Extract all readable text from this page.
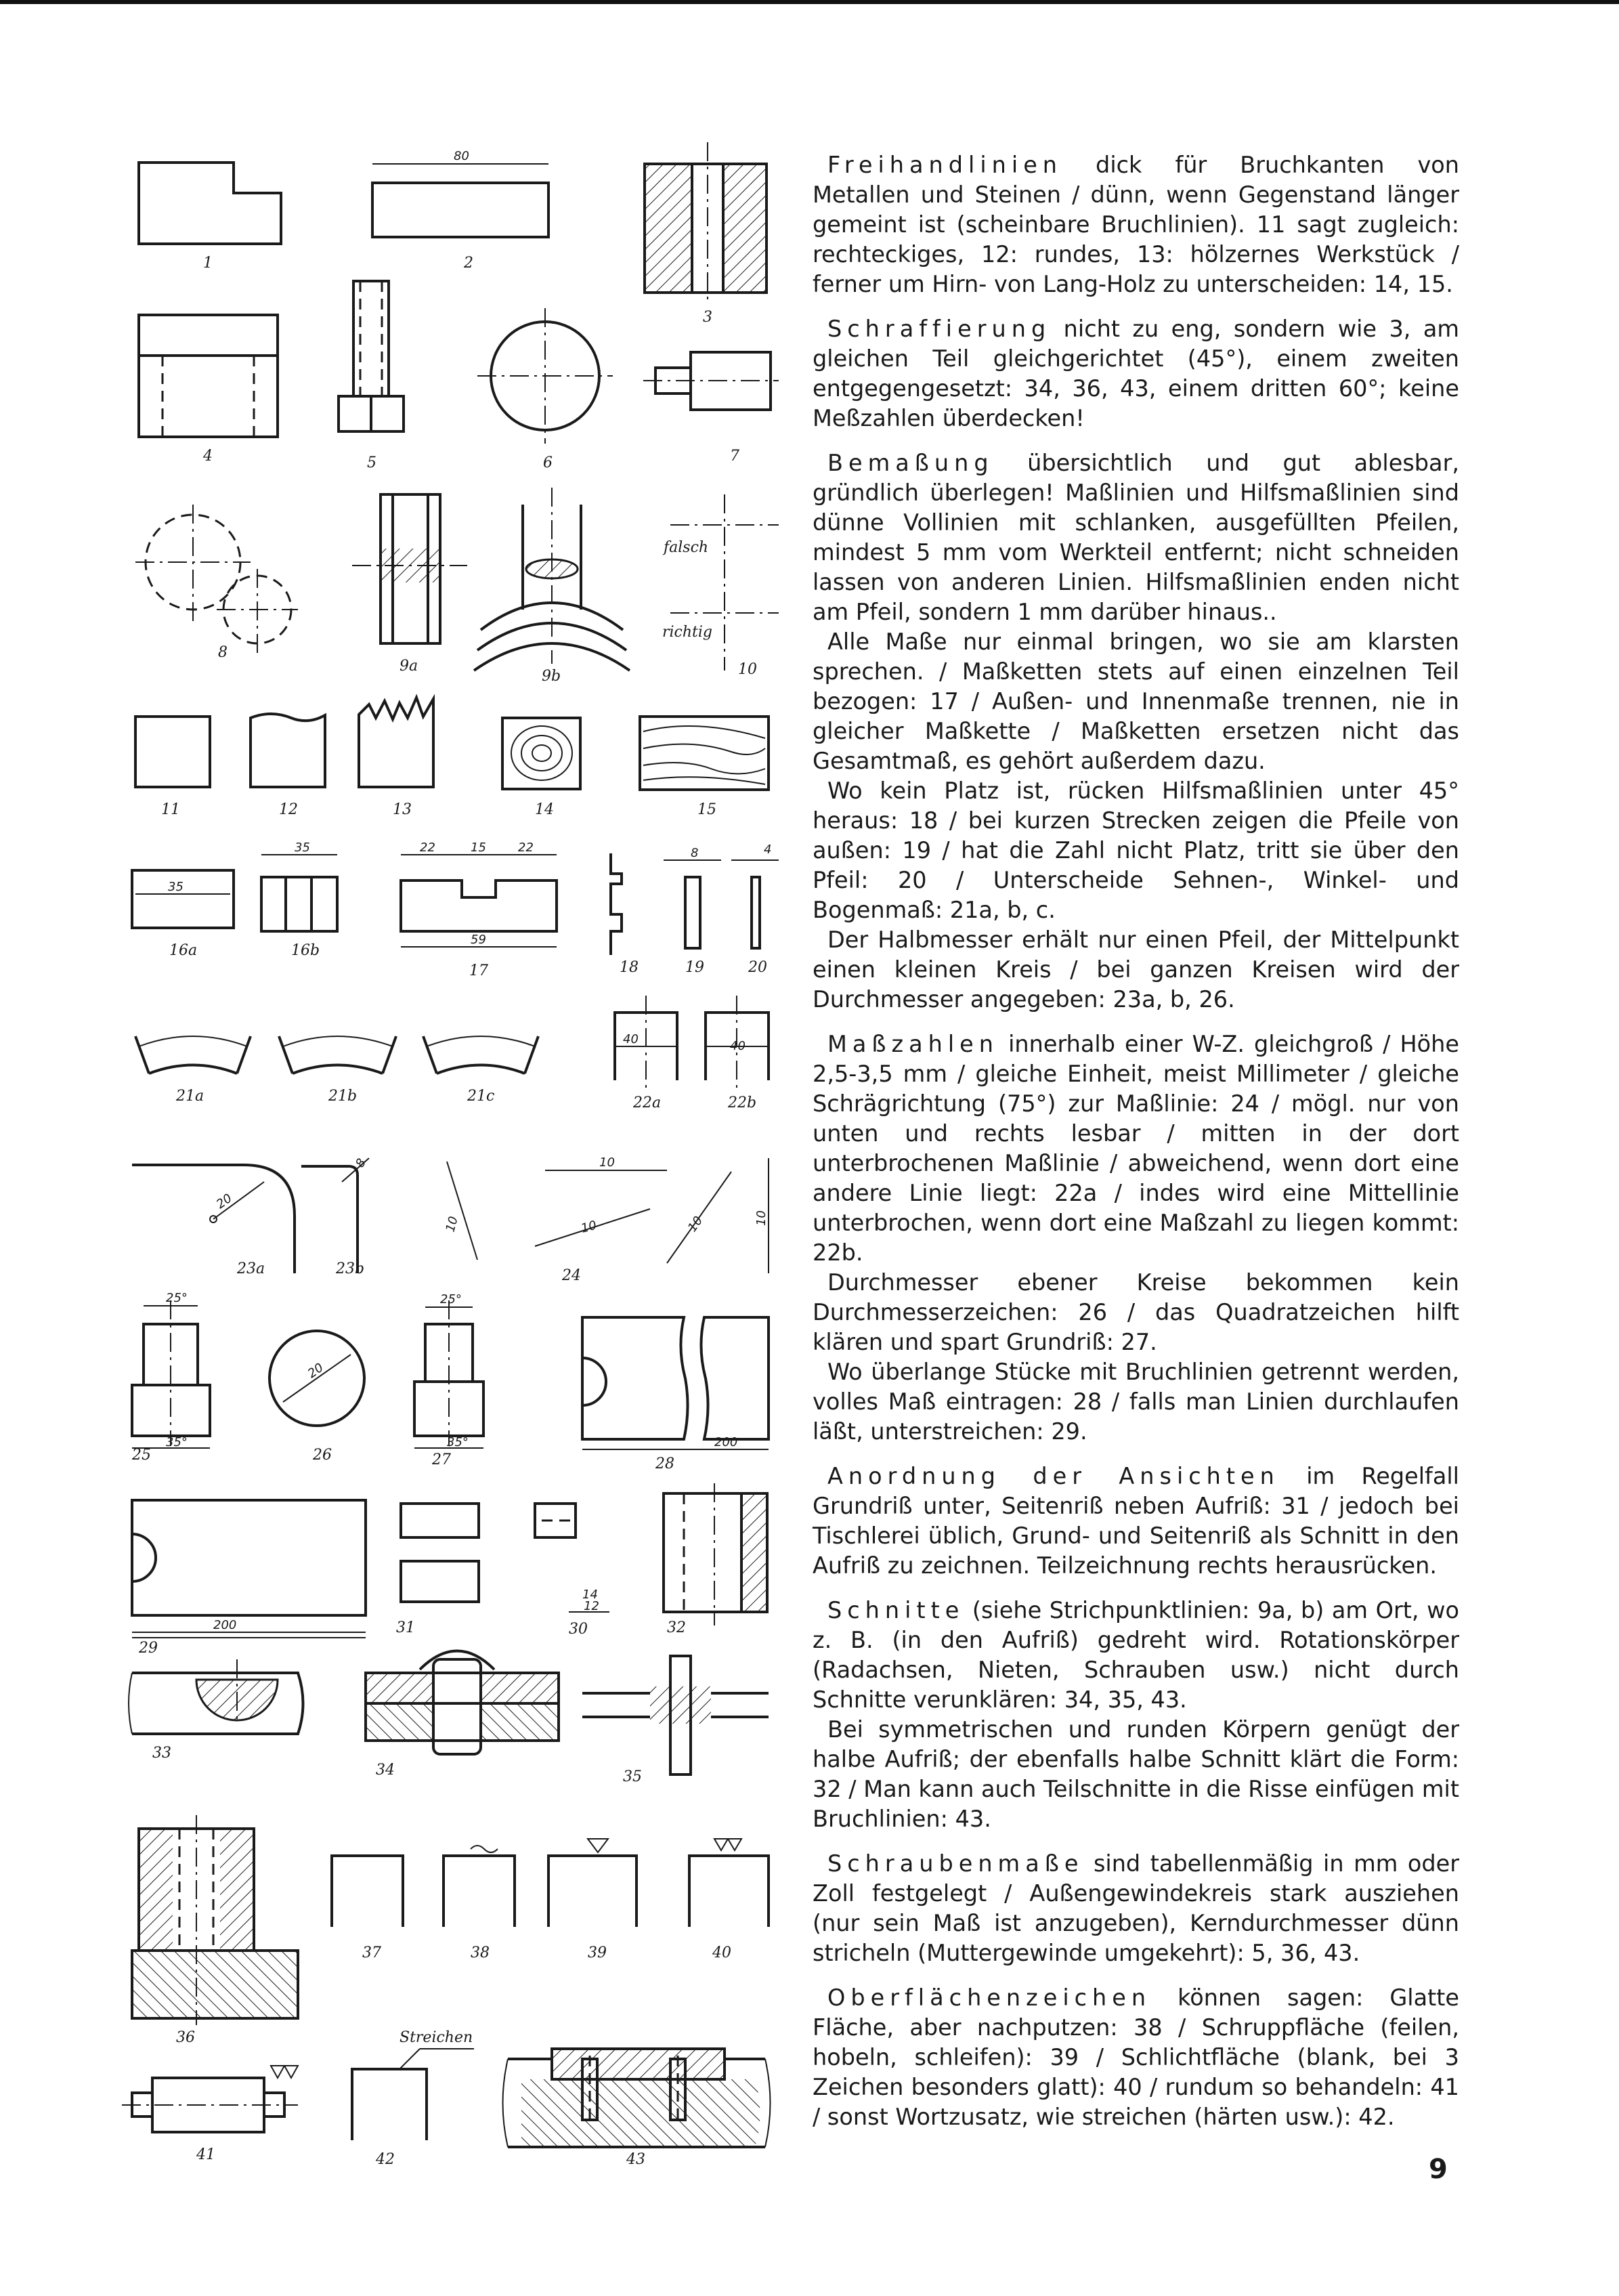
1
80
2
3
4	5	6	7
8
9a
9b
falsch
richtig
10
11	12	13	14	15
35
16a
35
16b
22	15	22
59
17	18
8
19
4
20
21a	21b	21c
40
22a
40
22b
20
23a
8
23b
10
10
10	10	10
24
25°
35°
25
20
26
25°
35°
27
200
28
200
29
31
14
12
30	32
33
34	35
36
37	38	39	40
41
Streichen
42	43

Freihandlinien dick für Bruchkanten von Metallen und Steinen / dünn, wenn Gegenstand länger gemeint ist (scheinbare Bruchlinien). 11 sagt zugleich: rechteckiges, 12: rundes, 13: hölzernes Werkstück / ferner um Hirn- von Lang-Holz zu unterscheiden: 14, 15.

Schraffierung nicht zu eng, sondern wie 3, am gleichen Teil gleichgerichtet (45°), einem zweiten entgegengesetzt: 34, 36, 43, einem dritten 60°; keine Meßzahlen überdecken!

Bemaßung übersichtlich und gut ablesbar, gründlich überlegen! Maßlinien und Hilfsmaßlinien sind dünne Vollinien mit schlanken, ausgefüllten Pfeilen, mindest 5 mm vom Werkteil entfernt; nicht schneiden lassen von anderen Linien. Hilfsmaßlinien enden nicht am Pfeil, sondern 1 mm darüber hinaus..

Alle Maße nur einmal bringen, wo sie am klarsten sprechen. / Maßketten stets auf einen einzelnen Teil bezogen: 17 / Außen- und Innenmaße trennen, nie in gleicher Maßkette / Maßketten ersetzen nicht das Gesamtmaß, es gehört außerdem dazu.

Wo kein Platz ist, rücken Hilfsmaßlinien unter 45° heraus: 18 / bei kurzen Strecken zeigen die Pfeile von außen: 19 / hat die Zahl nicht Platz, tritt sie über den Pfeil: 20 / Unterscheide Sehnen-, Winkel- und Bogenmaß: 21a, b, c.

Der Halbmesser erhält nur einen Pfeil, der Mittelpunkt einen kleinen Kreis / bei ganzen Kreisen wird der Durchmesser angegeben: 23a, b, 26.

Maßzahlen innerhalb einer W-Z. gleichgroß / Höhe 2,5-3,5 mm / gleiche Einheit, meist Millimeter / gleiche Schrägrichtung (75°) zur Maßlinie: 24 / mögl. nur von unten und rechts lesbar / mitten in der dort unterbrochenen Maßlinie / abweichend, wenn dort eine andere Linie liegt: 22a / indes wird eine Mittellinie unterbrochen, wenn dort eine Maßzahl zu liegen kommt: 22b.

Durchmesser ebener Kreise bekommen kein Durchmesserzeichen: 26 / das Quadratzeichen hilft klären und spart Grundriß: 27.

Wo überlange Stücke mit Bruchlinien getrennt werden, volles Maß eintragen: 28 / falls man Linien durchlaufen läßt, unterstreichen: 29.

Anordnung der Ansichten im Regelfall Grundriß unter, Seitenriß neben Aufriß: 31 / jedoch bei Tischlerei üblich, Grund- und Seitenriß als Schnitt in den Aufriß zu zeichnen. Teilzeichnung rechts herausrücken.

Schnitte (siehe Strichpunktlinien: 9a, b) am Ort, wo z. B. (in den Aufriß) gedreht wird. Rotationskörper (Radachsen, Nieten, Schrauben usw.) nicht durch Schnitte verunklären: 34, 35, 43.

Bei symmetrischen und runden Körpern genügt der halbe Aufriß; der ebenfalls halbe Schnitt klärt die Form: 32 / Man kann auch Teilschnitte in die Risse einfügen mit Bruchlinien: 43.

Schraubenmaße sind tabellenmäßig in mm oder Zoll festgelegt / Außengewindekreis stark ausziehen (nur sein Maß ist anzugeben), Kerndurchmesser dünn stricheln (Muttergewinde umgekehrt): 5, 36, 43.

Oberflächenzeichen können sagen: Glatte Fläche, aber nachputzen: 38 / Schruppfläche (feilen, hobeln, schleifen): 39 / Schlichtfläche (blank, bei 3 Zeichen besonders glatt): 40 / rundum so behandeln: 41 / sonst Wortzusatz, wie streichen (härten usw.): 42.

9
